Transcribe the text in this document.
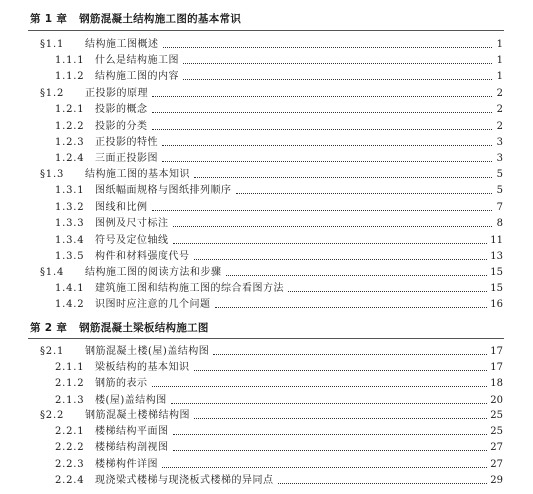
第 1 章 钢筋混凝土结构施工图的基本常识
§1.1	结构施工图概述	1
1.1.1	什么是结构施工图	1
1.1.2	结构施工图的内容	1
§1.2	正投影的原理	2
1.2.1	投影的概念	2
1.2.2	投影的分类	2
1.2.3	正投影的特性	3
1.2.4	三面正投影图	3
§1.3	结构施工图的基本知识	5
1.3.1	图纸幅面规格与图纸排列顺序	5
1.3.2	图线和比例	7
1.3.3	图例及尺寸标注	8
1.3.4	符号及定位轴线	11
1.3.5	构件和材料强度代号	13
§1.4	结构施工图的阅读方法和步骤	15
1.4.1	建筑施工图和结构施工图的综合看图方法	15
1.4.2	识图时应注意的几个问题	16
第 2 章 钢筋混凝土梁板结构施工图
§2.1	钢筋混凝土楼(屋)盖结构图	17
2.1.1	梁板结构的基本知识	17
2.1.2	钢筋的表示	18
2.1.3	楼(屋)盖结构图	20
§2.2	钢筋混凝土楼梯结构图	25
2.2.1	楼梯结构平面图	25
2.2.2	楼梯结构剖视图	27
2.2.3	楼梯构件详图	27
2.2.4	现浇梁式楼梯与现浇板式楼梯的异同点	29
